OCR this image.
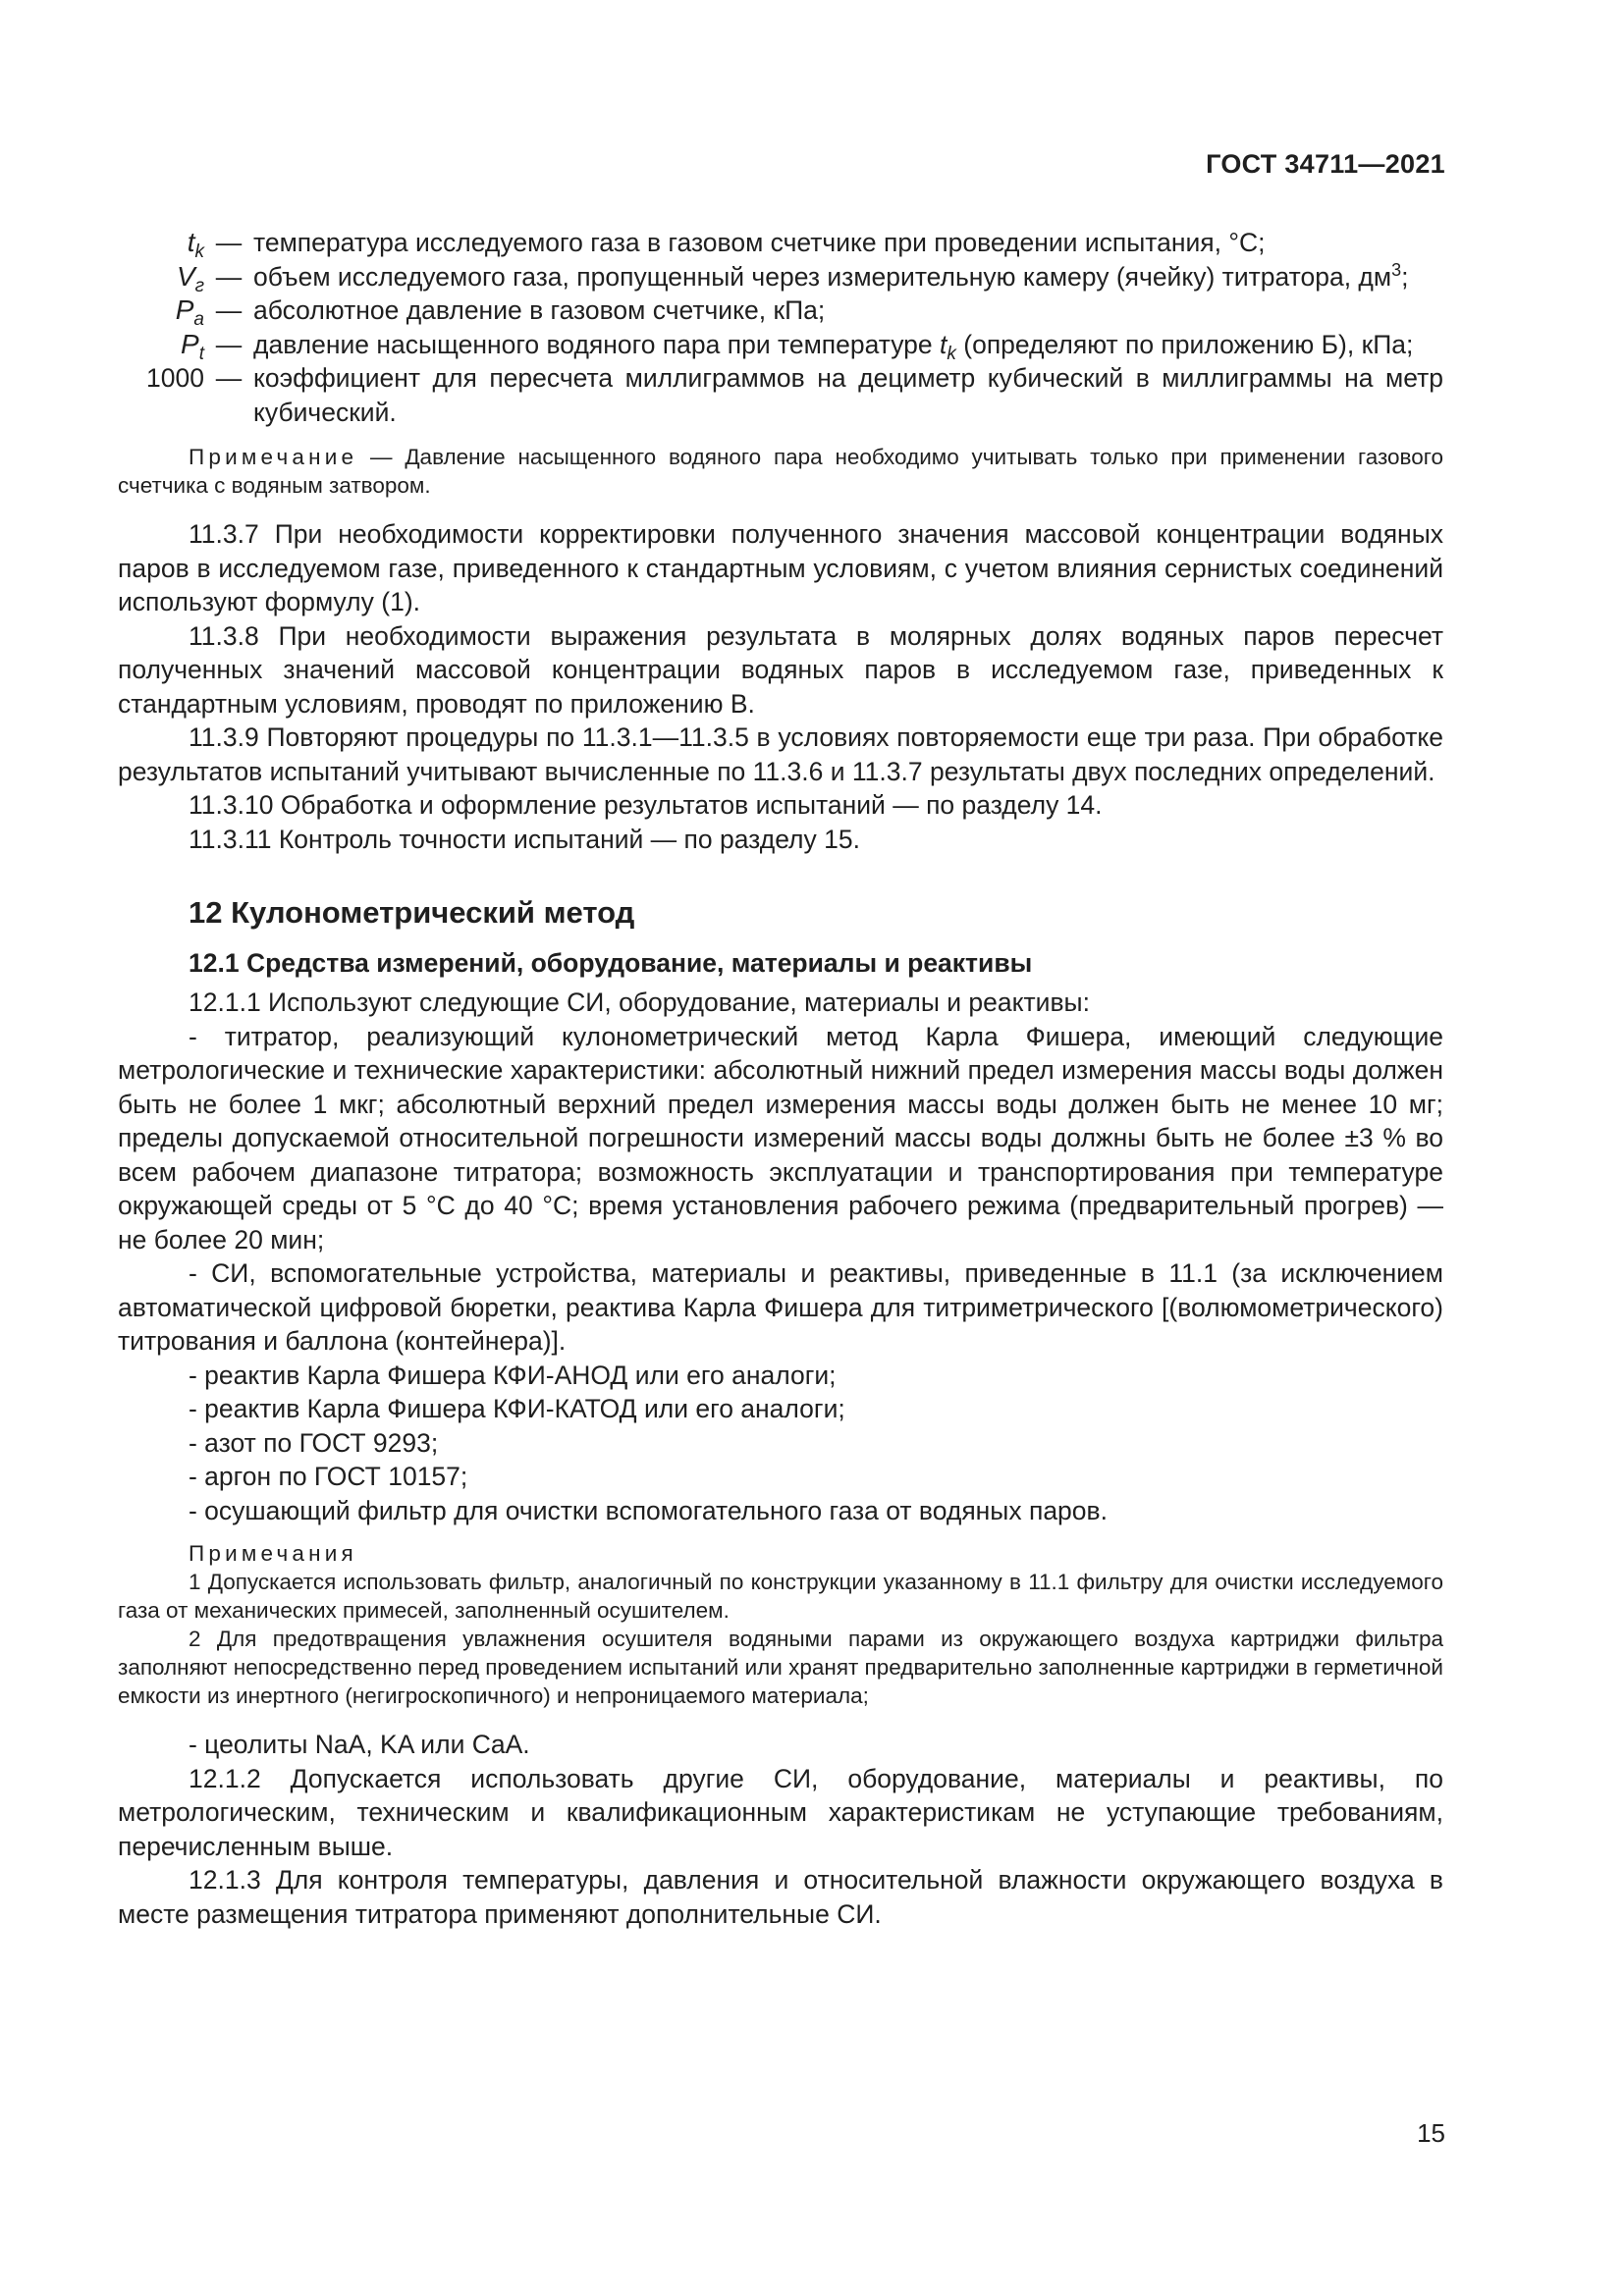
ГОСТ 34711—2021
$t_k$ — температура исследуемого газа в газовом счетчике при проведении испытания, °С;
$V_г$ — объем исследуемого газа, пропущенный через измерительную камеру (ячейку) титратора, $дм^3$;
$P_a$ — абсолютное давление в газовом счетчике, кПа;
$P_t$ — давление насыщенного водяного пара при температуре $t_k$ (определяют по приложению Б), кПа;
1000 — коэффициент для пересчета миллиграммов на дециметр кубический в миллиграммы на метр кубический.
Примечание — Давление насыщенного водяного пара необходимо учитывать только при применении газового счетчика с водяным затвором.
11.3.7 При необходимости корректировки полученного значения массовой концентрации водяных паров в исследуемом газе, приведенного к стандартным условиям, с учетом влияния сернистых соединений используют формулу (1).
11.3.8 При необходимости выражения результата в молярных долях водяных паров пересчет полученных значений массовой концентрации водяных паров в исследуемом газе, приведенных к стандартным условиям, проводят по приложению В.
11.3.9 Повторяют процедуры по 11.3.1—11.3.5 в условиях повторяемости еще три раза. При обработке результатов испытаний учитывают вычисленные по 11.3.6 и 11.3.7 результаты двух последних определений.
11.3.10 Обработка и оформление результатов испытаний — по разделу 14.
11.3.11 Контроль точности испытаний — по разделу 15.
12 Кулонометрический метод
12.1 Средства измерений, оборудование, материалы и реактивы
12.1.1 Используют следующие СИ, оборудование, материалы и реактивы:
- титратор, реализующий кулонометрический метод Карла Фишера, имеющий следующие метрологические и технические характеристики: абсолютный нижний предел измерения массы воды должен быть не более 1 мкг; абсолютный верхний предел измерения массы воды должен быть не менее 10 мг; пределы допускаемой относительной погрешности измерений массы воды должны быть не более ±3 % во всем рабочем диапазоне титратора; возможность эксплуатации и транспортирования при температуре окружающей среды от 5 °С до 40 °С; время установления рабочего режима (предварительный прогрев) — не более 20 мин;
- СИ, вспомогательные устройства, материалы и реактивы, приведенные в 11.1 (за исключением автоматической цифровой бюретки, реактива Карла Фишера для титриметрического [(волюмометрического) титрования и баллона (контейнера)].
- реактив Карла Фишера КФИ-АНОД или его аналоги;
- реактив Карла Фишера КФИ-КАТОД или его аналоги;
- азот по ГОСТ 9293;
- аргон по ГОСТ 10157;
- осушающий фильтр для очистки вспомогательного газа от водяных паров.
Примечания
1 Допускается использовать фильтр, аналогичный по конструкции указанному в 11.1 фильтру для очистки исследуемого газа от механических примесей, заполненный осушителем.
2 Для предотвращения увлажнения осушителя водяными парами из окружающего воздуха картриджи фильтра заполняют непосредственно перед проведением испытаний или хранят предварительно заполненные картриджи в герметичной емкости из инертного (негигроскопичного) и непроницаемого материала;
- цеолиты NaA, KA или CaA.
12.1.2 Допускается использовать другие СИ, оборудование, материалы и реактивы, по метрологическим, техническим и квалификационным характеристикам не уступающие требованиям, перечисленным выше.
12.1.3 Для контроля температуры, давления и относительной влажности окружающего воздуха в месте размещения титратора применяют дополнительные СИ.
15
